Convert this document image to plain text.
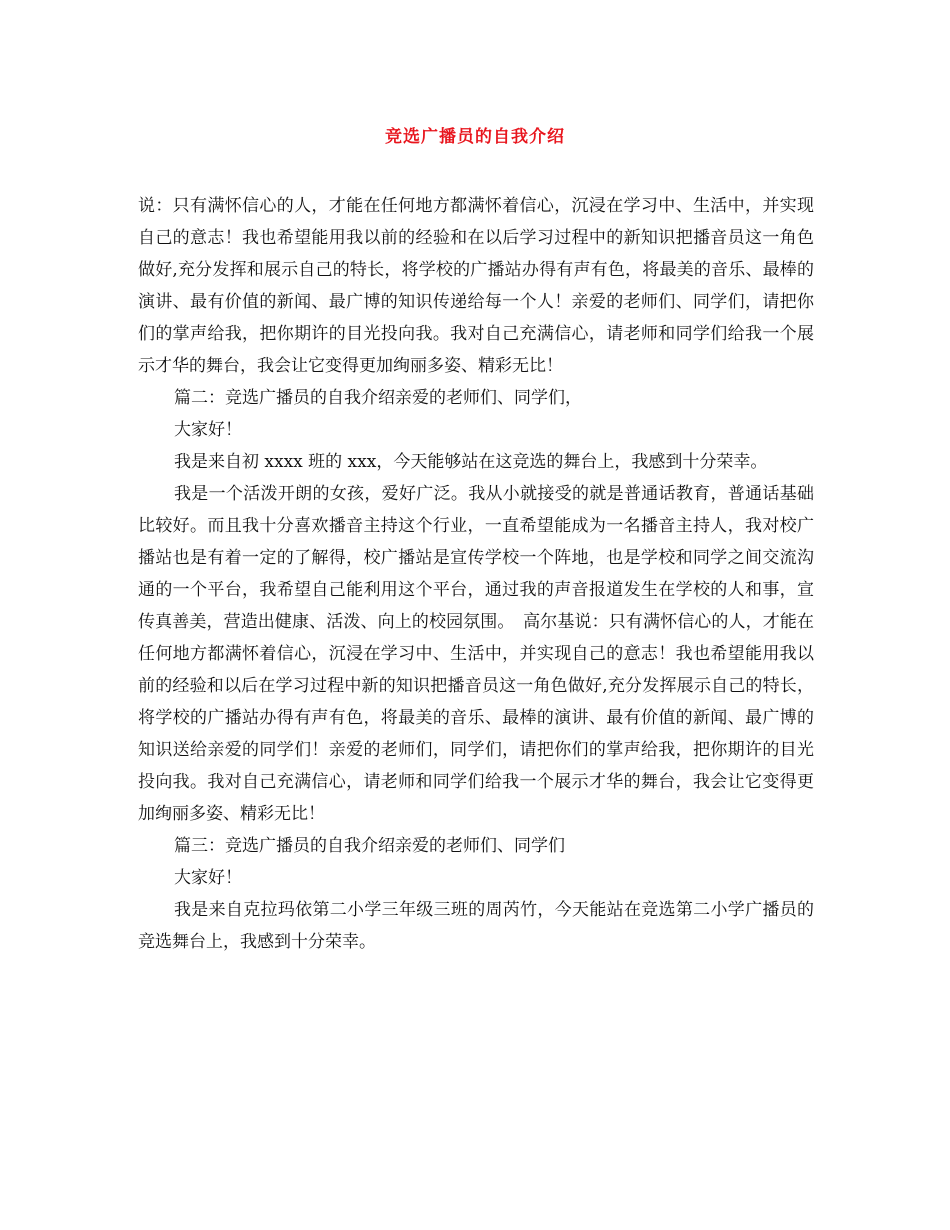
竞选广播员的自我介绍

说：只有满怀信心的人，才能在任何地方都满怀着信心，沉浸在学习中、生活中，并实现自己的意志！我也希望能用我以前的经验和在以后学习过程中的新知识把播音员这一角色做好,充分发挥和展示自己的特长，将学校的广播站办得有声有色，将最美的音乐、最棒的演讲、最有价值的新闻、最广博的知识传递给每一个人！亲爱的老师们、同学们，请把你们的掌声给我，把你期许的目光投向我。我对自己充满信心，请老师和同学们给我一个展示才华的舞台，我会让它变得更加绚丽多姿、精彩无比！

篇二：竞选广播员的自我介绍亲爱的老师们、同学们，

大家好！

我是来自初 xxxx 班的 xxx，今天能够站在这竞选的舞台上，我感到十分荣幸。

我是一个活泼开朗的女孩，爱好广泛。我从小就接受的就是普通话教育，普通话基础比较好。而且我十分喜欢播音主持这个行业，一直希望能成为一名播音主持人，我对校广播站也是有着一定的了解得，校广播站是宣传学校一个阵地，也是学校和同学之间交流沟通的一个平台，我希望自己能利用这个平台，通过我的声音报道发生在学校的人和事，宣传真善美，营造出健康、活泼、向上的校园氛围。　高尔基说：只有满怀信心的人，才能在任何地方都满怀着信心，沉浸在学习中、生活中，并实现自己的意志！我也希望能用我以前的经验和以后在学习过程中新的知识把播音员这一角色做好,充分发挥展示自己的特长，将学校的广播站办得有声有色，将最美的音乐、最棒的演讲、最有价值的新闻、最广博的知识送给亲爱的同学们！亲爱的老师们，同学们，请把你们的掌声给我，把你期许的目光投向我。我对自己充满信心，请老师和同学们给我一个展示才华的舞台，我会让它变得更加绚丽多姿、精彩无比！

篇三：竞选广播员的自我介绍亲爱的老师们、同学们

大家好！

我是来自克拉玛依第二小学三年级三班的周芮竹，今天能站在竞选第二小学广播员的竞选舞台上，我感到十分荣幸。
